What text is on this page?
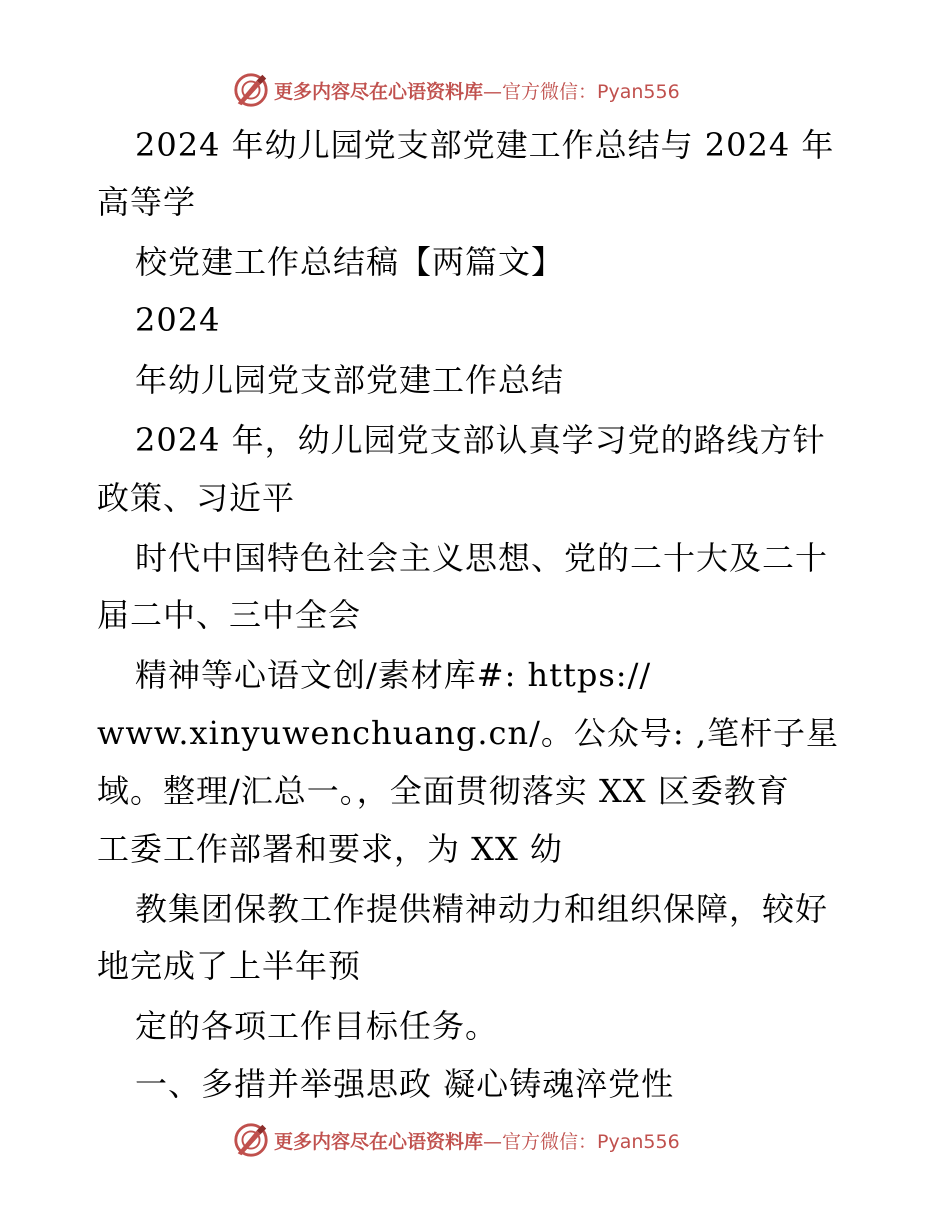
更多内容尽在心语资料库—官方微信：Pyan556
2024 年幼儿园党支部党建工作总结与 2024 年
高等学
校党建工作总结稿【两篇文】
2024
年幼儿园党支部党建工作总结
2024 年，幼儿园党支部认真学习党的路线方针
政策、习近平
时代中国特色社会主义思想、党的二十大及二十
届二中、三中全会
精神等心语文创/素材库#: https://
www.xinyuwenchuang.cn/。公众号: ,笔杆子星
域。整理/汇总一。，全面贯彻落实 XX 区委教育
工委工作部署和要求，为 XX 幼
教集团保教工作提供精神动力和组织保障，较好
地完成了上半年预
定的各项工作目标任务。
一、多措并举强思政 凝心铸魂淬党性
更多内容尽在心语资料库—官方微信：Pyan556
